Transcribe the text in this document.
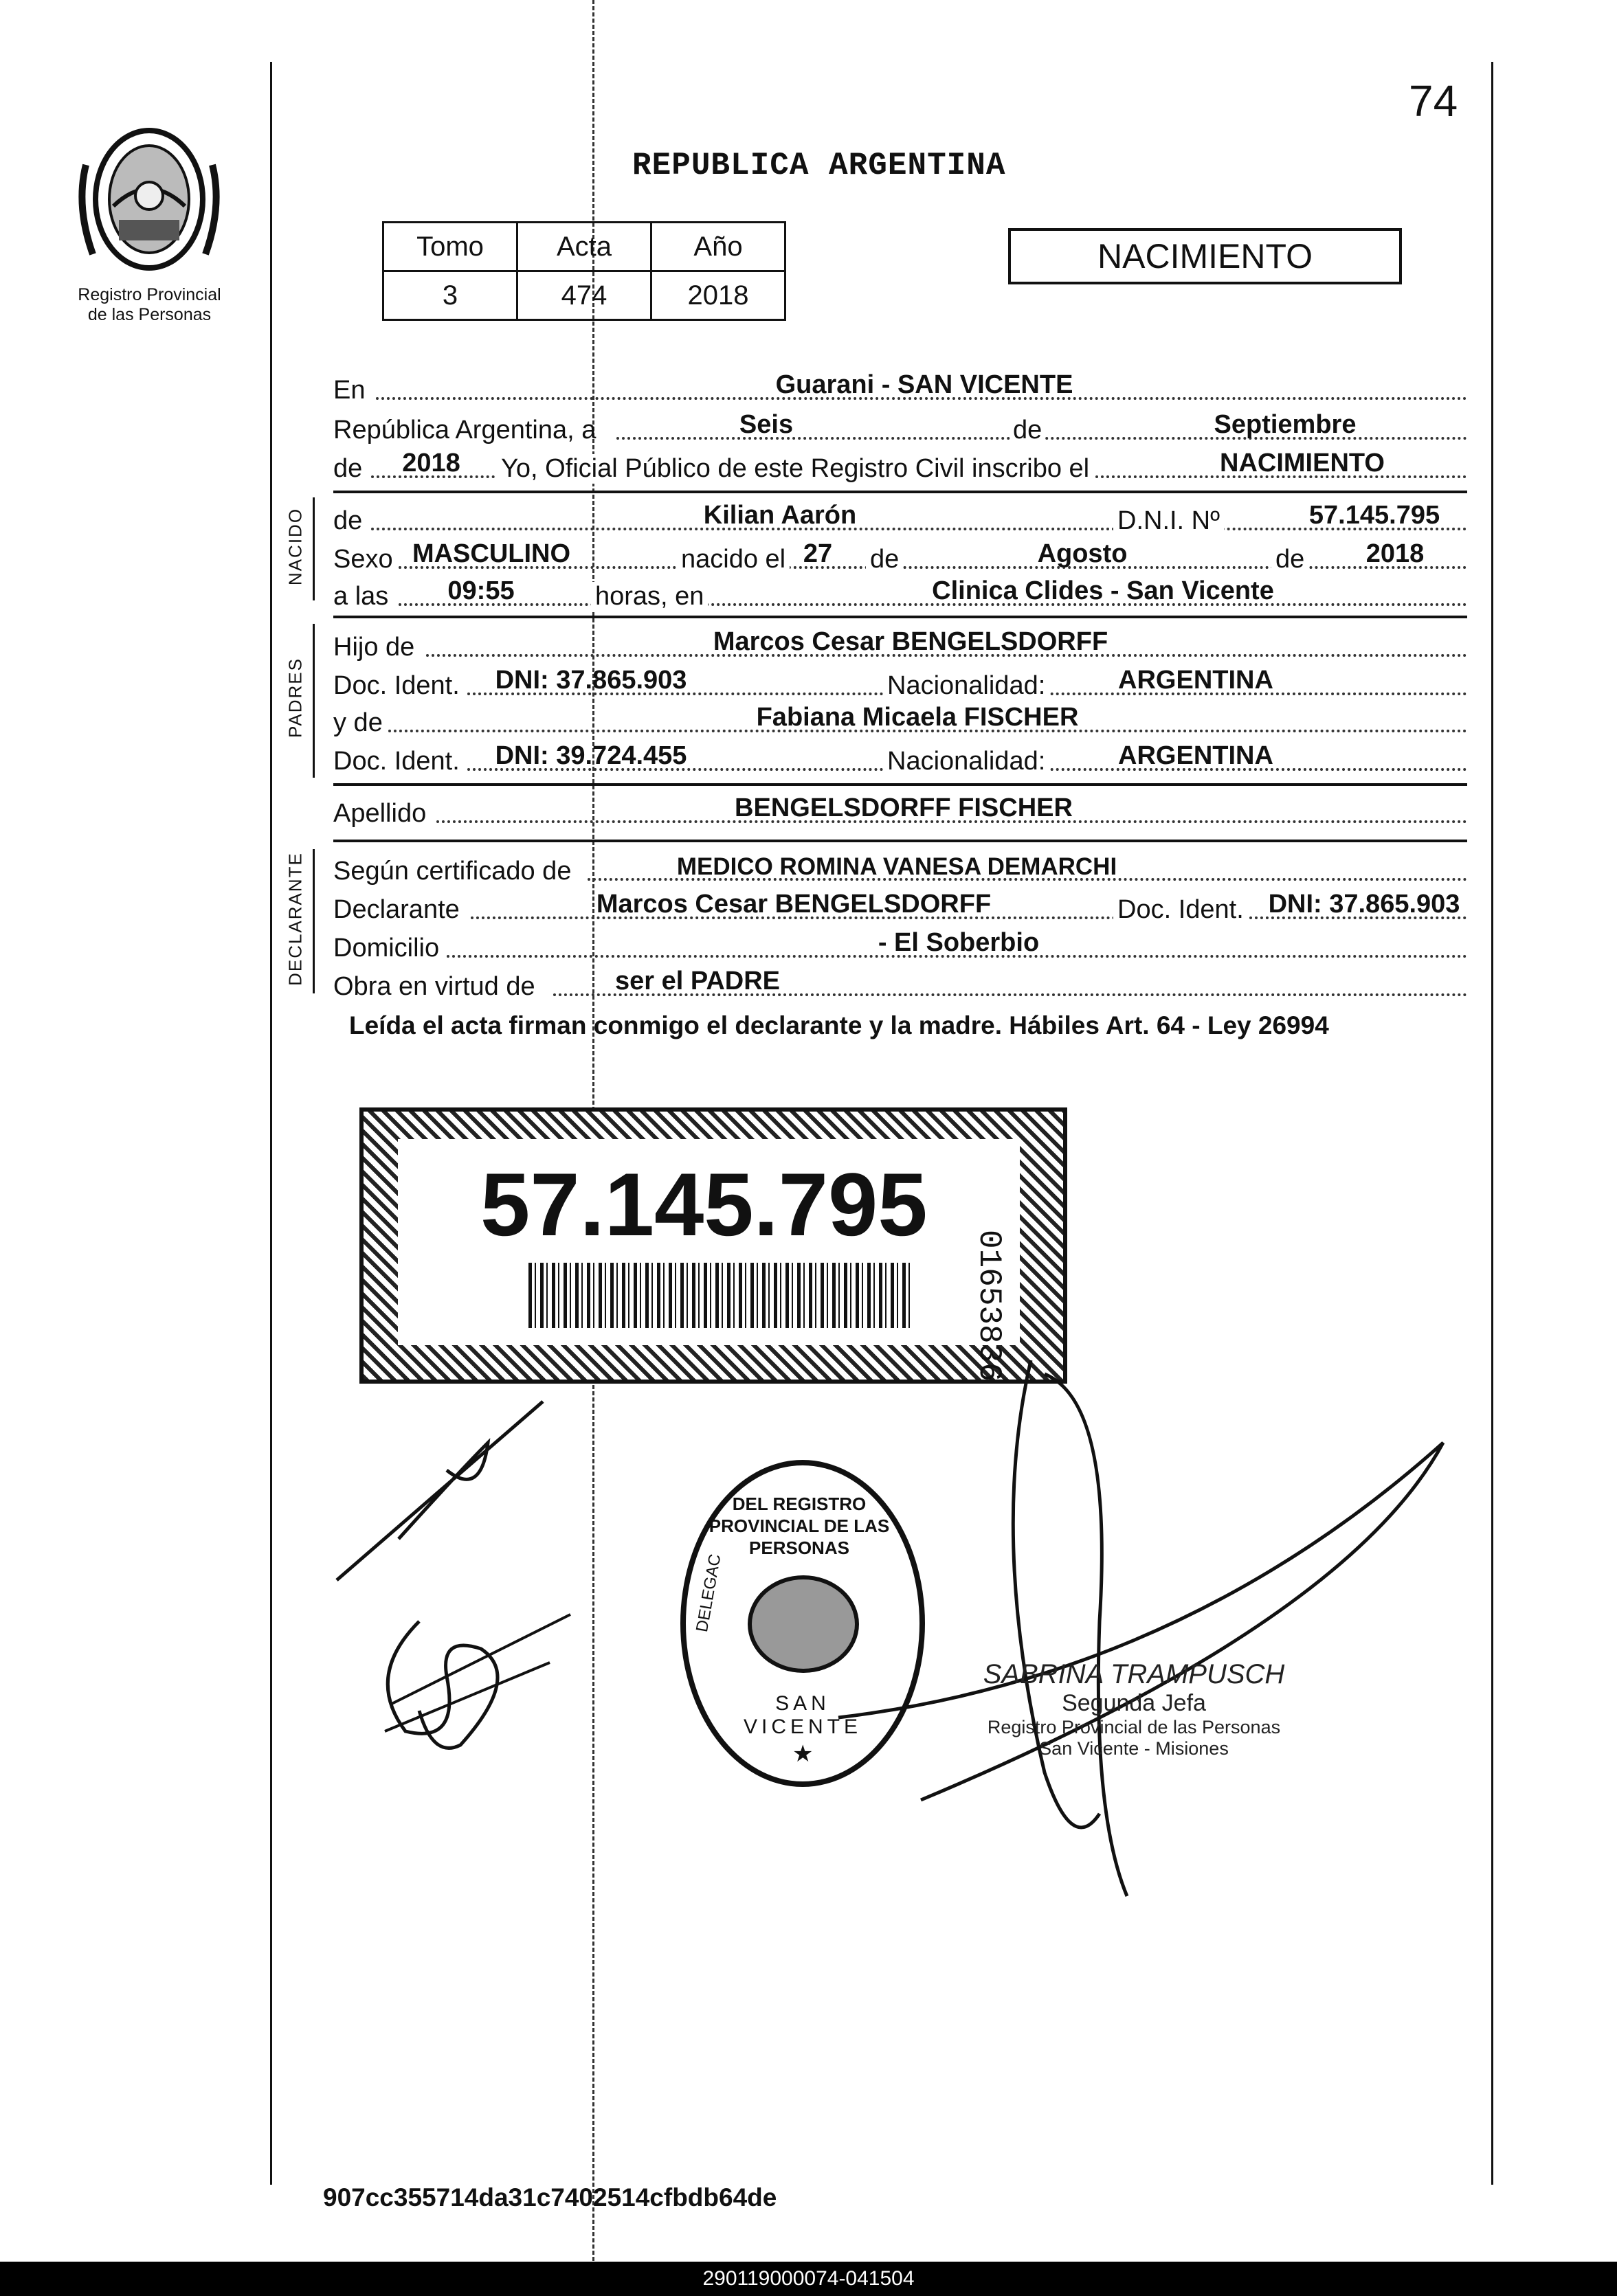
74
Registro Provincial
de las Personas
REPUBLICA ARGENTINA
Tomo	Acta	Año
3	474	2018
NACIMIENTO
En	Guarani - SAN VICENTE
República Argentina, a	Seis	de	Septiembre
de	2018	Yo, Oficial Público de este Registro Civil inscribo el	NACIMIENTO
NACIDO de	Kilian Aarón	D.N.I. Nº	57.145.795
Sexo MASCULINO	nacido el 27	de	Agosto	de	2018
a las	09:55	horas, en	Clinica Clides - San Vicente
PADRES
Hijo de	Marcos Cesar BENGELSDORFF
Doc. Ident.	DNI: 37.865.903	Nacionalidad:	ARGENTINA
y de	Fabiana Micaela FISCHER
Doc. Ident.	DNI: 39.724.455	Nacionalidad:	ARGENTINA
Apellido	BENGELSDORFF FISCHER
DECLARANTE Según certificado de	MEDICO ROMINA VANESA DEMARCHI
Declarante	Marcos Cesar BENGELSDORFF	Doc. Ident. DNI: 37.865.903
Domicilio	- El Soberbio
Obra en virtud de	ser el PADRE
Leída el acta firman conmigo el declarante y la madre. Hábiles Art. 64 - Ley 26994
57.145.795
01653836
DEL REGISTRO PROVINCIAL DE LAS PERSONAS
DELEGAC
SAN VICENTE
★
SABRINA TRAMPUSCH
Segunda Jefa
Registro Provincial de las Personas
San Vicente - Misiones
907cc355714da31c7402514cfbdb64de
290119000074-041504
